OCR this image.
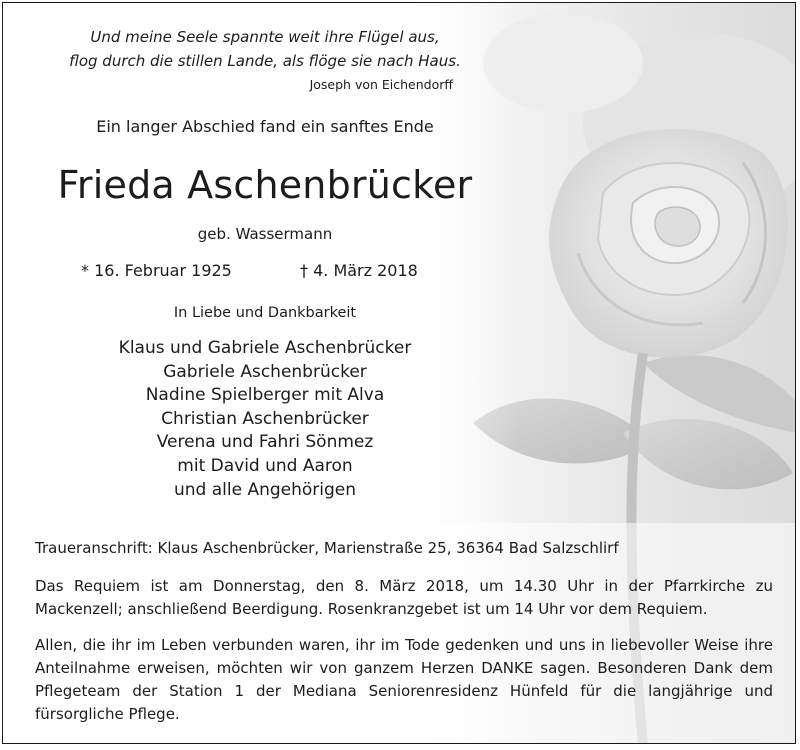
Und meine Seele spannte weit ihre Flügel aus,
flog durch die stillen Lande, als flöge sie nach Haus.
Joseph von Eichendorff
Ein langer Abschied fand ein sanftes Ende
Frieda Aschenbrücker
geb. Wassermann
* 16. Februar 1925	† 4. März 2018
In Liebe und Dankbarkeit
Klaus und Gabriele Aschenbrücker
Gabriele Aschenbrücker
Nadine Spielberger mit Alva
Christian Aschenbrücker
Verena und Fahri Sönmez
mit David und Aaron
und alle Angehörigen
Traueranschrift: Klaus Aschenbrücker, Marienstraße 25, 36364 Bad Salzschlirf
Das Requiem ist am Donnerstag, den 8. März 2018, um 14.30 Uhr in der Pfarrkirche zu Mackenzell; anschließend Beerdigung. Rosenkranzgebet ist um 14 Uhr vor dem Requiem.
Allen, die ihr im Leben verbunden waren, ihr im Tode gedenken und uns in liebevoller Weise ihre Anteilnahme erweisen, möchten wir von ganzem Herzen DANKE sagen. Besonderen Dank dem Pflegeteam der Station 1 der Mediana Seniorenresidenz Hünfeld für die langjährige und fürsorgliche Pflege.
